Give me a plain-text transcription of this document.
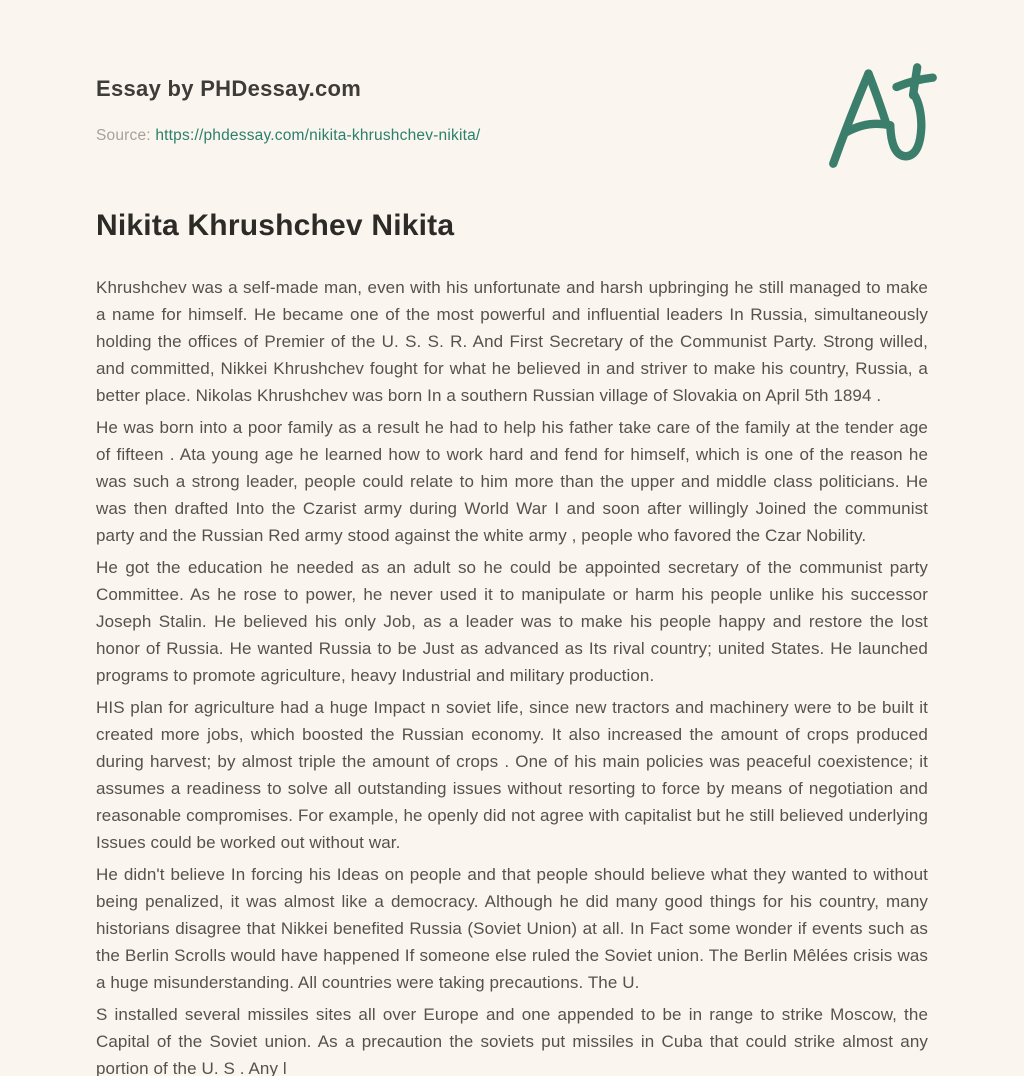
Essay by PHDessay.com
Source: https://phdessay.com/nikita-khrushchev-nikita/
Nikita Khrushchev Nikita

Khrushchev was a self-made man, even with his unfortunate and harsh upbringing he still managed to make a name for himself. He became one of the most powerful and influential leaders In Russia, simultaneously holding the offices of Premier of the U. S. S. R. And First Secretary of the Communist Party. Strong willed, and committed, Nikkei Khrushchev fought for what he believed in and striver to make his country, Russia, a better place. Nikolas Khrushchev was born In a southern Russian village of Slovakia on April 5th 1894 .

He was born into a poor family as a result he had to help his father take care of the family at the tender age of fifteen . Ata young age he learned how to work hard and fend for himself, which is one of the reason he was such a strong leader, people could relate to him more than the upper and middle class politicians. He was then drafted Into the Czarist army during World War I and soon after willingly Joined the communist party and the Russian Red army stood against the white army , people who favored the Czar Nobility.

He got the education he needed as an adult so he could be appointed secretary of the communist party Committee. As he rose to power, he never used it to manipulate or harm his people unlike his successor Joseph Stalin. He believed his only Job, as a leader was to make his people happy and restore the lost honor of Russia. He wanted Russia to be Just as advanced as Its rival country; united States. He launched programs to promote agriculture, heavy Industrial and military production.

HIS plan for agriculture had a huge Impact n soviet life, since new tractors and machinery were to be built it created more jobs, which boosted the Russian economy. It also increased the amount of crops produced during harvest; by almost triple the amount of crops . One of his main policies was peaceful coexistence; it assumes a readiness to solve all outstanding issues without resorting to force by means of negotiation and reasonable compromises. For example, he openly did not agree with capitalist but he still believed underlying Issues could be worked out without war.

He didn't believe In forcing his Ideas on people and that people should believe what they wanted to without being penalized, it was almost like a democracy. Although he did many good things for his country, many historians disagree that Nikkei benefited Russia (Soviet Union) at all. In Fact some wonder if events such as the Berlin Scrolls would have happened If someone else ruled the Soviet union. The Berlin Mêlées crisis was a huge misunderstanding. All countries were taking precautions. The U.

S installed several missiles sites all over Europe and one appended to be in range to strike Moscow, the Capital of the Soviet union. As a precaution the soviets put missiles in Cuba that could strike almost any portion of the U. S . Any l
